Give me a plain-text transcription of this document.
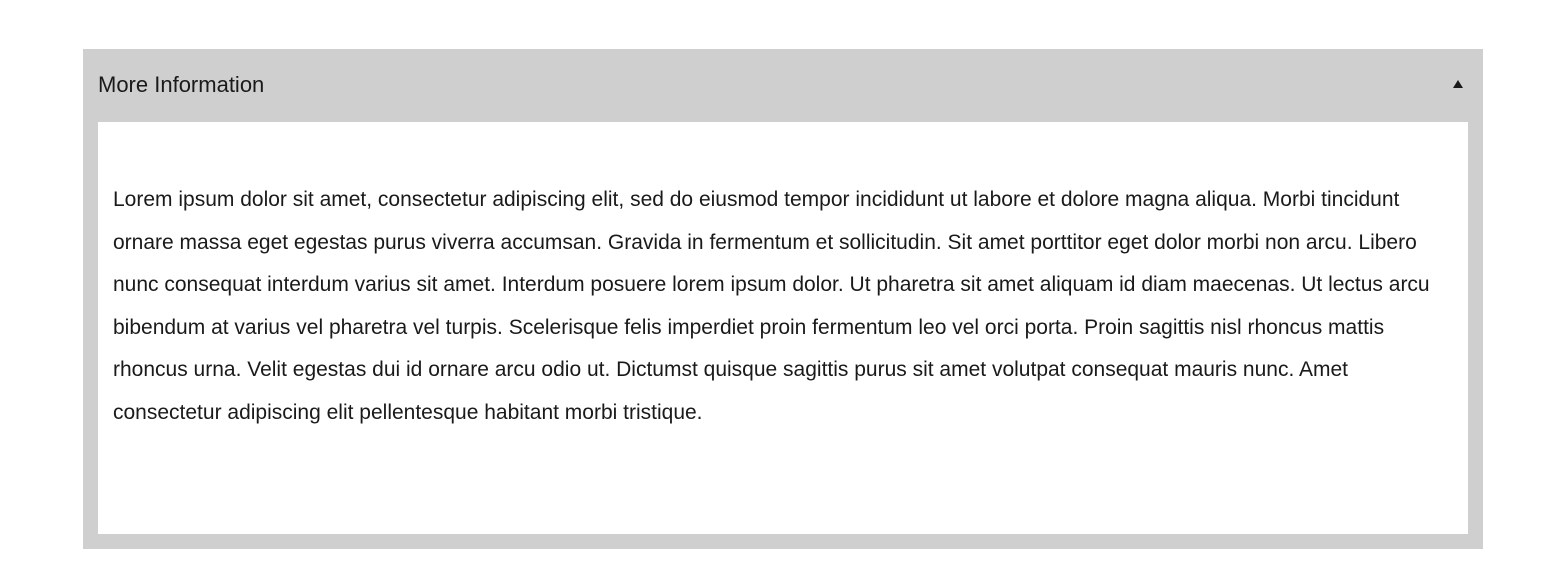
More Information

Lorem ipsum dolor sit amet, consectetur adipiscing elit, sed do eiusmod tempor incididunt ut labore et dolore magna aliqua. Morbi tincidunt ornare massa eget egestas purus viverra accumsan. Gravida in fermentum et sollicitudin. Sit amet porttitor eget dolor morbi non arcu. Libero nunc consequat interdum varius sit amet. Interdum posuere lorem ipsum dolor. Ut pharetra sit amet aliquam id diam maecenas. Ut lectus arcu bibendum at varius vel pharetra vel turpis. Scelerisque felis imperdiet proin fermentum leo vel orci porta. Proin sagittis nisl rhoncus mattis rhoncus urna. Velit egestas dui id ornare arcu odio ut. Dictumst quisque sagittis purus sit amet volutpat consequat mauris nunc. Amet consectetur adipiscing elit pellentesque habitant morbi tristique.
